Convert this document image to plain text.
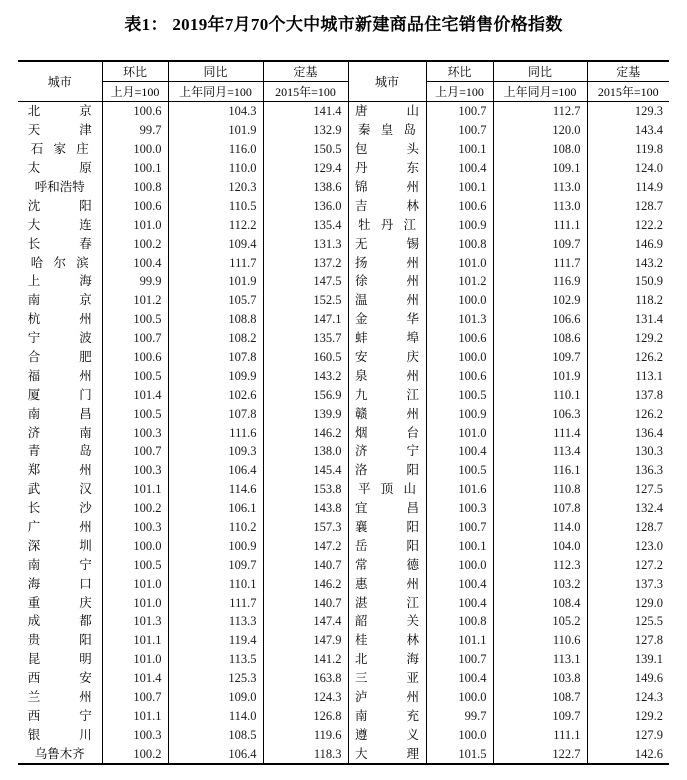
表1： 2019年7月70个大中城市新建商品住宅销售价格指数
城市	环比	同比	定基	城市	环比	同比	定基
	上月=100	上年同月=100	2015年=100		上月=100	上年同月=100	2015年=100
北　　京	100.6	104.3	141.4	唐　　山	100.7	112.7	129.3
天　　津	99.7	101.9	132.9	秦 皇 岛	100.7	120.0	143.4
石 家 庄	100.0	116.0	150.5	包　　头	100.1	108.0	119.8
太　　原	100.1	110.0	129.4	丹　　东	100.4	109.1	124.0
呼和浩特	100.8	120.3	138.6	锦　　州	100.1	113.0	114.9
沈　　阳	100.6	110.5	136.0	吉　　林	100.6	113.0	128.7
大　　连	101.0	112.2	135.4	牡 丹 江	100.9	111.1	122.2
长　　春	100.2	109.4	131.3	无　　锡	100.8	109.7	146.9
哈 尔 滨	100.4	111.7	137.2	扬　　州	101.0	111.7	143.2
上　　海	99.9	101.9	147.5	徐　　州	101.2	116.9	150.9
南　　京	101.2	105.7	152.5	温　　州	100.0	102.9	118.2
杭　　州	100.5	108.8	147.1	金　　华	101.3	106.6	131.4
宁　　波	100.7	108.2	135.7	蚌　　埠	100.6	108.6	129.2
合　　肥	100.6	107.8	160.5	安　　庆	100.0	109.7	126.2
福　　州	100.5	109.9	143.2	泉　　州	100.6	101.9	113.1
厦　　门	101.4	102.6	156.9	九　　江	100.5	110.1	137.8
南　　昌	100.5	107.8	139.9	赣　　州	100.9	106.3	126.2
济　　南	100.3	111.6	146.2	烟　　台	101.0	111.4	136.4
青　　岛	100.7	109.3	138.0	济　　宁	100.4	113.4	130.3
郑　　州	100.3	106.4	145.4	洛　　阳	100.5	116.1	136.3
武　　汉	101.1	114.6	153.8	平 顶 山	101.6	110.8	127.5
长　　沙	100.2	106.1	143.8	宜　　昌	100.3	107.8	132.4
广　　州	100.3	110.2	157.3	襄　　阳	100.7	114.0	128.7
深　　圳	100.0	100.9	147.2	岳　　阳	100.1	104.0	123.0
南　　宁	100.5	109.7	140.7	常　　德	100.0	112.3	127.2
海　　口	101.0	110.1	146.2	惠　　州	100.4	103.2	137.3
重　　庆	101.0	111.7	140.7	湛　　江	100.4	108.4	129.0
成　　都	101.3	113.3	147.4	韶　　关	100.8	105.2	125.5
贵　　阳	101.1	119.4	147.9	桂　　林	101.1	110.6	127.8
昆　　明	101.0	113.5	141.2	北　　海	100.7	113.1	139.1
西　　安	101.4	125.3	163.8	三　　亚	100.4	103.8	149.6
兰　　州	100.7	109.0	124.3	泸　　州	100.0	108.7	124.3
西　　宁	101.1	114.0	126.8	南　　充	99.7	109.7	129.2
银　　川	100.3	108.5	119.6	遵　　义	100.0	111.1	127.9
乌鲁木齐	100.2	106.4	118.3	大　　理	101.5	122.7	142.6
